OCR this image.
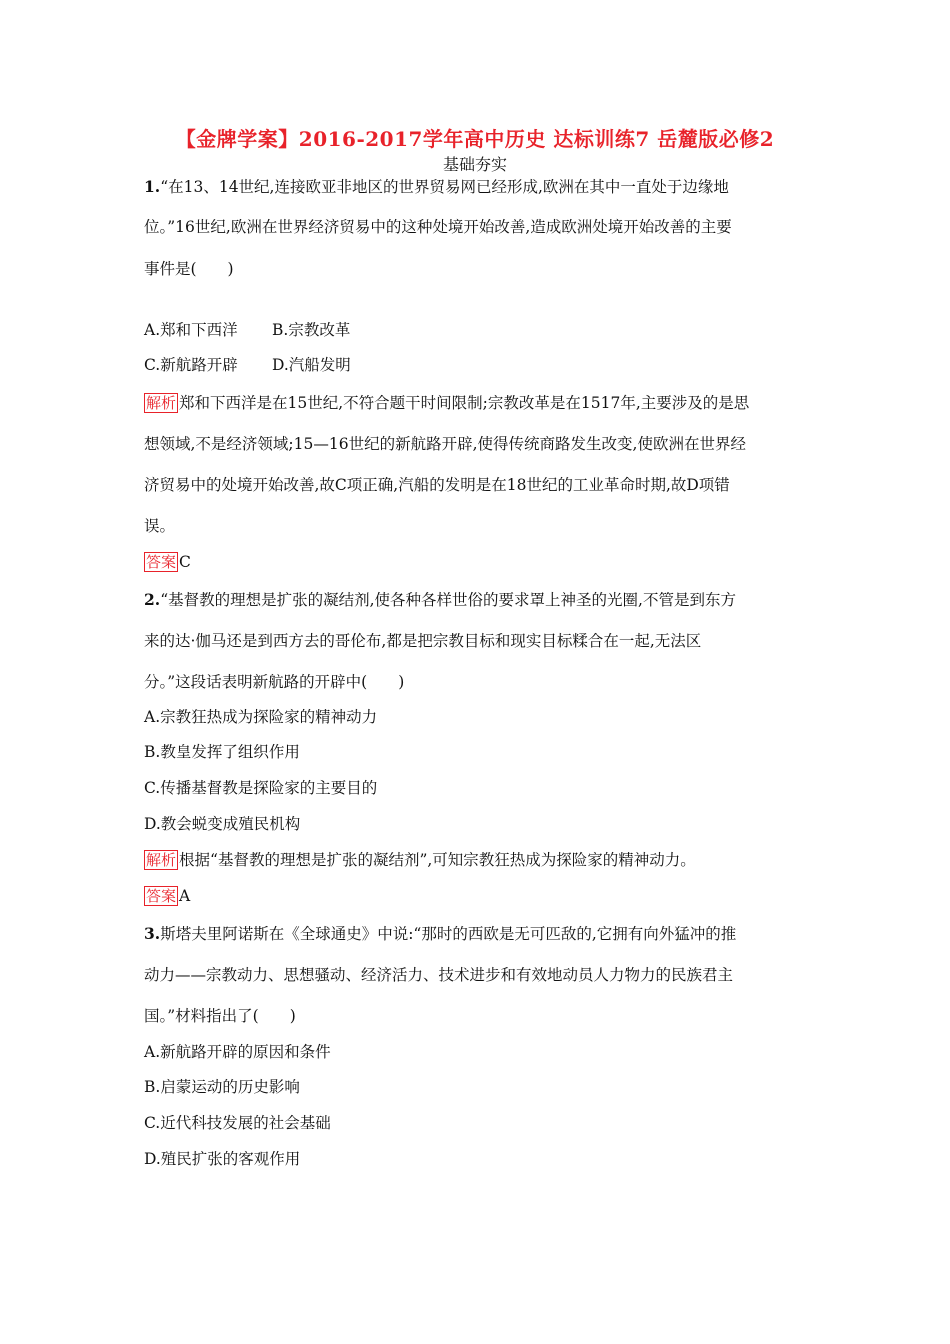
【金牌学案】2016-2017学年高中历史 达标训练7 岳麓版必修2
基础夯实
1.“在13、14世纪,连接欧亚非地区的世界贸易网已经形成,欧洲在其中一直处于边缘地
位。”16世纪,欧洲在世界经济贸易中的这种处境开始改善,造成欧洲处境开始改善的主要
事件是(　　)
A.郑和下西洋 B.宗教改革
C.新航路开辟 D.汽船发明
解析 郑和下西洋是在15世纪,不符合题干时间限制;宗教改革是在1517年,主要涉及的是思
想领域,不是经济领域;15—16世纪的新航路开辟,使得传统商路发生改变,使欧洲在世界经
济贸易中的处境开始改善,故C项正确,汽船的发明是在18世纪的工业革命时期,故D项错
误。
答案 C
2.“基督教的理想是扩张的凝结剂,使各种各样世俗的要求罩上神圣的光圈,不管是到东方
来的达·伽马还是到西方去的哥伦布,都是把宗教目标和现实目标糅合在一起,无法区
分。”这段话表明新航路的开辟中(　　)
A.宗教狂热成为探险家的精神动力
B.教皇发挥了组织作用
C.传播基督教是探险家的主要目的
D.教会蜕变成殖民机构
解析 根据“基督教的理想是扩张的凝结剂”,可知宗教狂热成为探险家的精神动力。
答案 A
3.斯塔夫里阿诺斯在《全球通史》中说:“那时的西欧是无可匹敌的,它拥有向外猛冲的推
动力——宗教动力、思想骚动、经济活力、技术进步和有效地动员人力物力的民族君主
国。”材料指出了(　　)
A.新航路开辟的原因和条件
B.启蒙运动的历史影响
C.近代科技发展的社会基础
D.殖民扩张的客观作用
